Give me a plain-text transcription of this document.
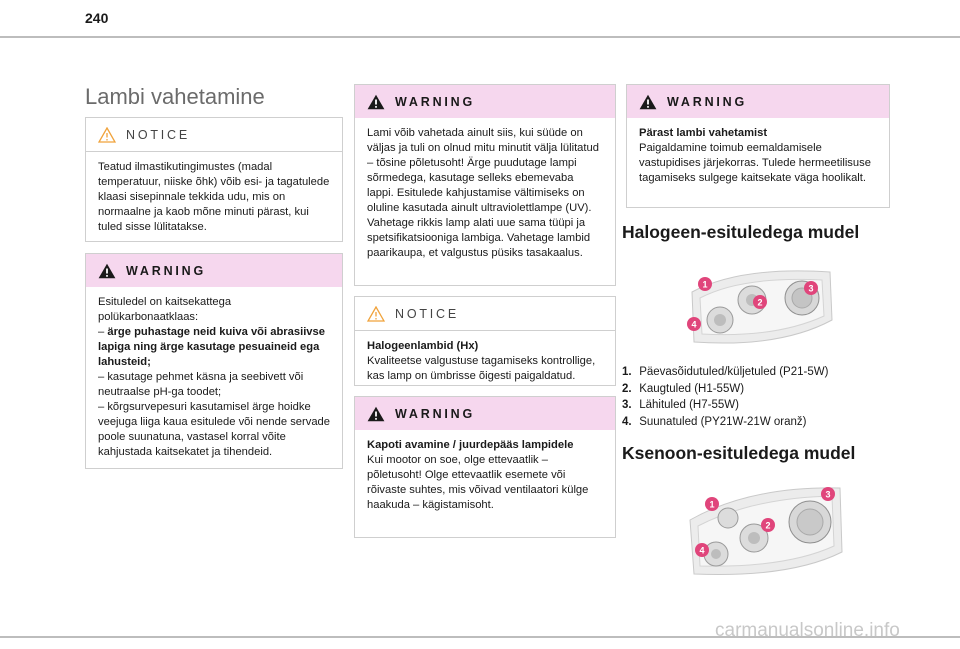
240
Lambi vahetamine
NOTICE

Teatud ilmastikutingimustes (madal temperatuur, niiske õhk) võib esi- ja tagatulede klaasi sisepinnale tekkida udu, mis on normaalne ja kaob mõne minuti pärast, kui tuled sisse lülitatakse.

WARNING

Esituledel on kaitsekattega polükarbonaatklaas:

– ärge puhastage neid kuiva või abrasiivse lapiga ning ärge kasutage pesuaineid ega lahusteid;

– kasutage pehmet käsna ja seebivett või neutraalse pH-ga toodet;

– kõrgsurvepesuri kasutamisel ärge hoidke veejuga liiga kaua esitulede või nende servade poole suunatuna, vastasel korral võite kahjustada kaitsekatet ja tihendeid.

WARNING

Lami võib vahetada ainult siis, kui süüde on väljas ja tuli on olnud mitu minutit välja lülitatud – tõsine põletusoht! Ärge puudutage lampi sõrmedega, kasutage selleks ebemevaba lappi. Esitulede kahjustamise vältimiseks on oluline kasutada ainult ultraviolettlampe (UV). Vahetage rikkis lamp alati uue sama tüüpi ja spetsifikatsiooniga lambiga. Vahetage lambid paarikaupa, et valgustus püsiks tasakaalus.

NOTICE

Halogeenlambid (Hx)

Kvaliteetse valgustuse tagamiseks kontrollige, kas lamp on ümbrisse õigesti paigaldatud.

WARNING

Kapoti avamine / juurdepääs lampidele

Kui mootor on soe, olge ettevaatlik – põletusoht! Olge ettevaatlik esemete või rõivaste suhtes, mis võivad ventilaatori külge haakuda – kägistamisoht.

WARNING

Pärast lambi vahetamist

Paigaldamine toimub eemaldamisele vastupidises järjekorras. Tulede hermeetilisuse tagamiseks sulgege kaitsekate väga hoolikalt.

Halogeen-esituledega mudel
1
2
3
4
1. Päevasõidutuled/küljetuled (P21-5W)
2. Kaugtuled (H1-55W)
3. Lähituled (H7-55W)
4. Suunatuled (PY21W-21W oranž)
Ksenoon-esituledega mudel
1
2
3
4
carmanualsonline.info
